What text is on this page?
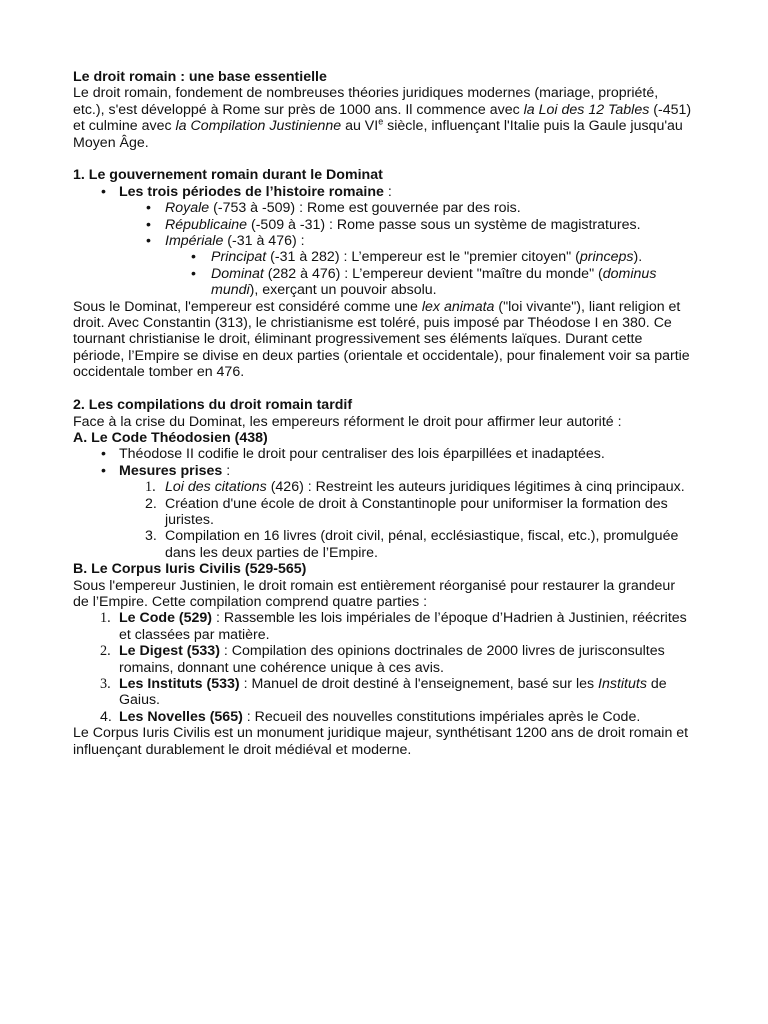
Le droit romain : une base essentielle

Le droit romain, fondement de nombreuses théories juridiques modernes (mariage, propriété, etc.), s'est développé à Rome sur près de 1000 ans. Il commence avec la Loi des 12 Tables (-451) et culmine avec la Compilation Justinienne au VIe siècle, influençant l'Italie puis la Gaule jusqu'au Moyen Âge.

1. Le gouvernement romain durant le Dominat

• Les trois périodes de l’histoire romaine :
• Royale (-753 à -509) : Rome est gouvernée par des rois.
• Républicaine (-509 à -31) : Rome passe sous un système de magistratures.
• Impériale (-31 à 476) :
• Principat (-31 à 282) : L’empereur est le "premier citoyen" (princeps).
• Dominat (282 à 476) : L’empereur devient "maître du monde" (dominus mundi), exerçant un pouvoir absolu.

Sous le Dominat, l'empereur est considéré comme une lex animata ("loi vivante"), liant religion et droit. Avec Constantin (313), le christianisme est toléré, puis imposé par Théodose I en 380. Ce tournant christianise le droit, éliminant progressivement ses éléments laïques. Durant cette période, l’Empire se divise en deux parties (orientale et occidentale), pour finalement voir sa partie occidentale tomber en 476.

2. Les compilations du droit romain tardif

Face à la crise du Dominat, les empereurs réforment le droit pour affirmer leur autorité :

A. Le Code Théodosien (438)

• Théodose II codifie le droit pour centraliser des lois éparpillées et inadaptées.
• Mesures prises :
1. Loi des citations (426) : Restreint les auteurs juridiques légitimes à cinq principaux.
2. Création d'une école de droit à Constantinople pour uniformiser la formation des juristes.
3. Compilation en 16 livres (droit civil, pénal, ecclésiastique, fiscal, etc.), promulguée dans les deux parties de l’Empire.

B. Le Corpus Iuris Civilis (529-565)

Sous l'empereur Justinien, le droit romain est entièrement réorganisé pour restaurer la grandeur de l’Empire. Cette compilation comprend quatre parties :

1. Le Code (529) : Rassemble les lois impériales de l’époque d’Hadrien à Justinien, réécrites et classées par matière.
2. Le Digest (533) : Compilation des opinions doctrinales de 2000 livres de jurisconsultes romains, donnant une cohérence unique à ces avis.
3. Les Instituts (533) : Manuel de droit destiné à l'enseignement, basé sur les Instituts de Gaius.
4. Les Novelles (565) : Recueil des nouvelles constitutions impériales après le Code.

Le Corpus Iuris Civilis est un monument juridique majeur, synthétisant 1200 ans de droit romain et influençant durablement le droit médiéval et moderne.
